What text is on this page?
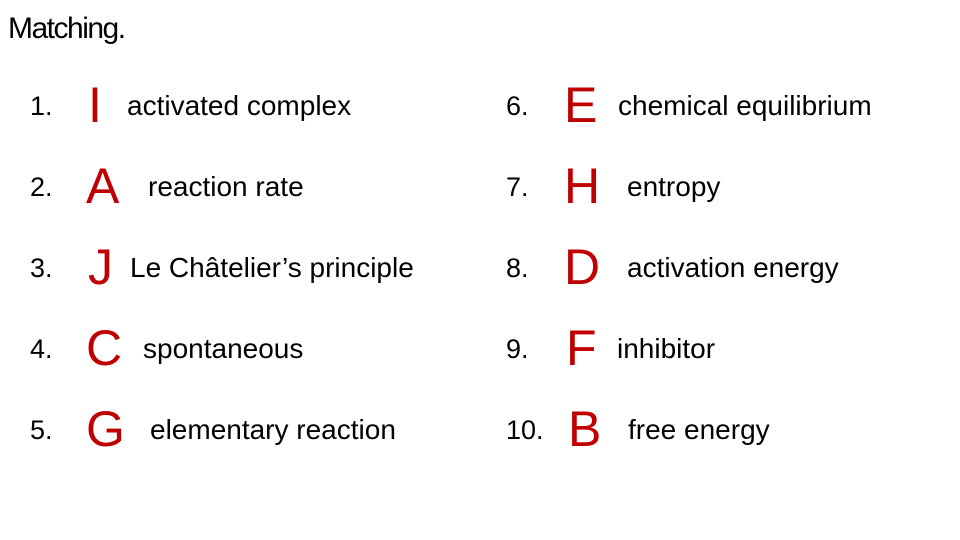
Matching.
1. I activated complex
2. A reaction rate
3. J Le Châtelier’s principle
4. C spontaneous
5. G elementary reaction
6. E chemical equilibrium
7. H entropy
8. D activation energy
9. F inhibitor
10. B free energy
